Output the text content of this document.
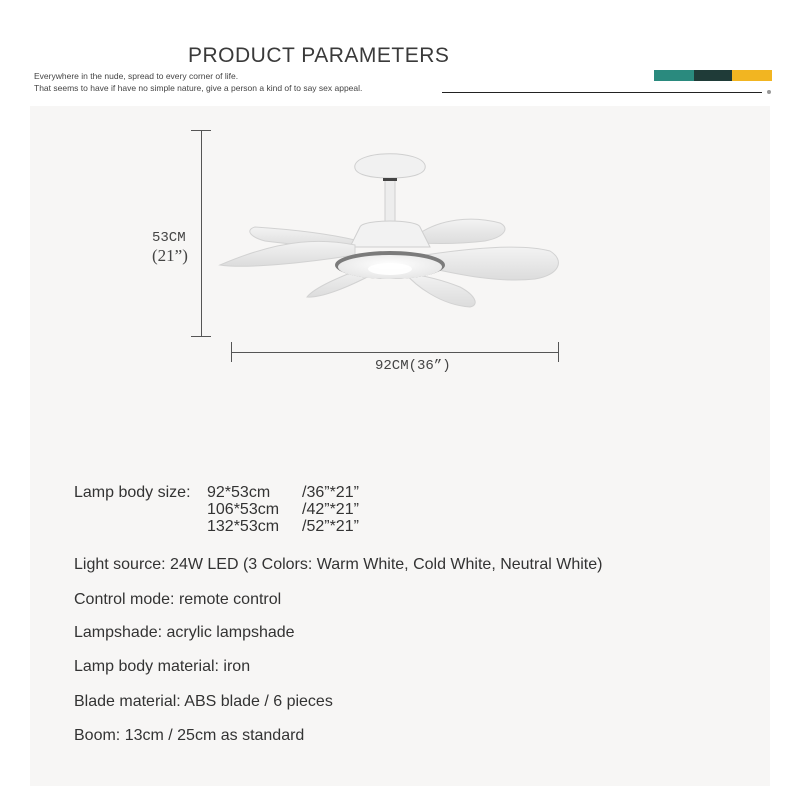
PRODUCT PARAMETERS
Everywhere in the nude, spread to every corner of life.
That seems to have if have no simple nature, give a person a kind of to say sex appeal.
53CM
(21”)
92CM(36”)
Lamp body size: 92*53cm /36”*21”
106*53cm /42”*21”
132*53cm /52”*21”
Light source: 24W LED (3 Colors: Warm White, Cold White, Neutral White)
Control mode: remote control
Lampshade: acrylic lampshade
Lamp body material: iron
Blade material: ABS blade / 6 pieces
Boom: 13cm / 25cm as standard
